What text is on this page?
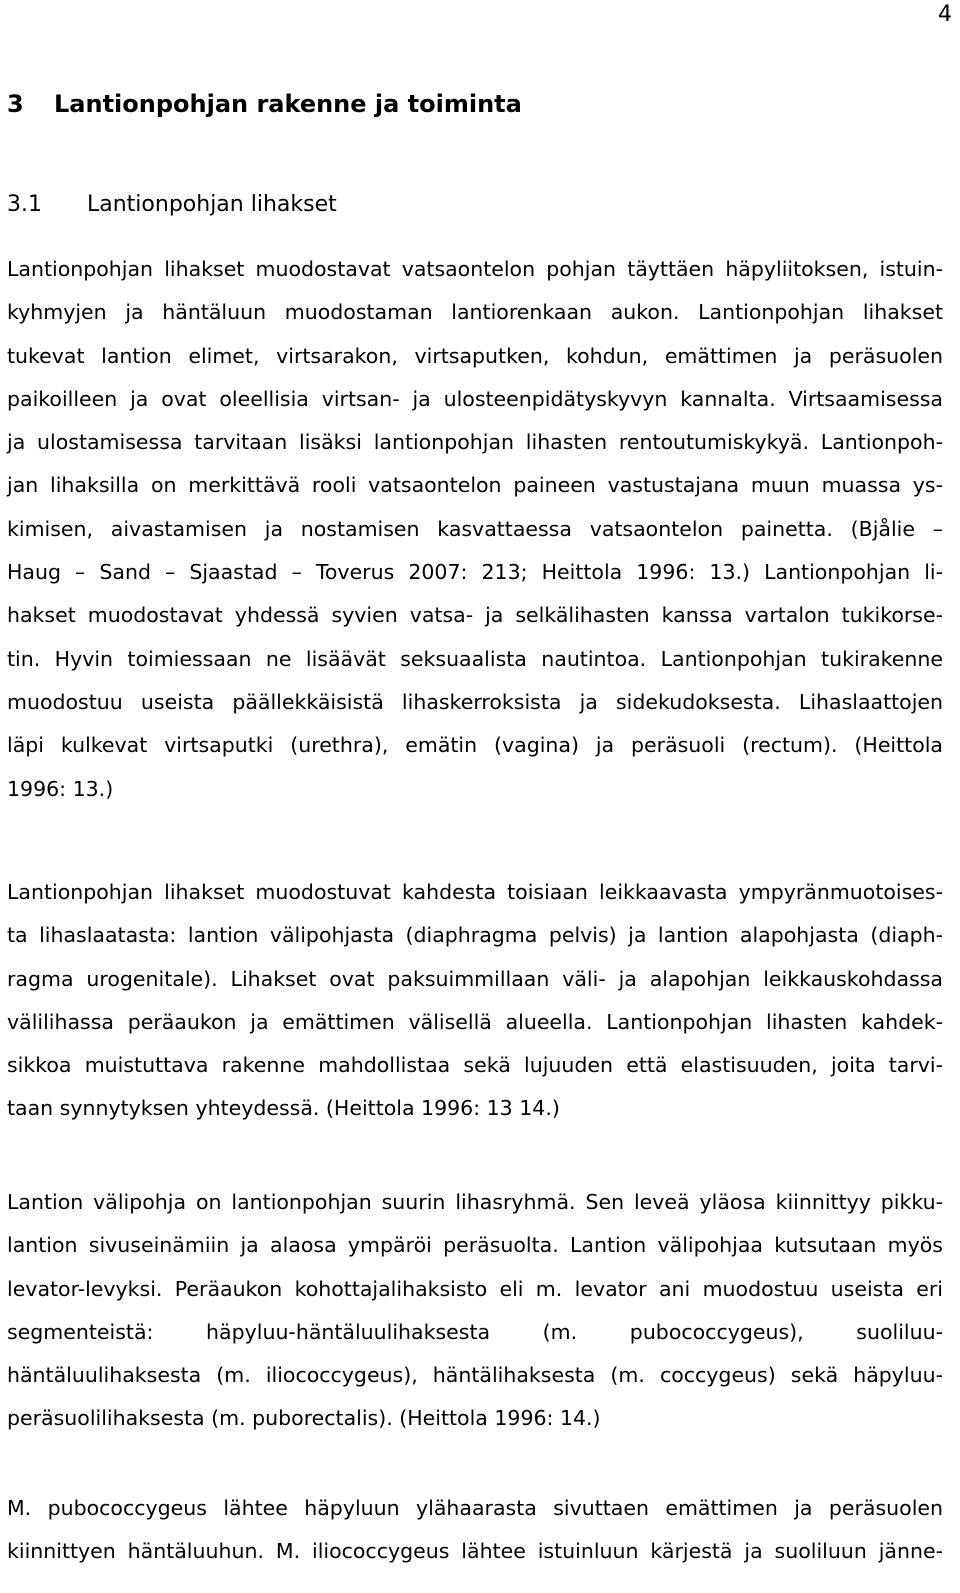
4
3 Lantionpohjan rakenne ja toiminta
3.1 Lantionpohjan lihakset

Lantionpohjan lihakset muodostavat vatsaontelon pohjan täyttäen häpyliitoksen, istuin-
kyhmyjen ja häntäluun muodostaman lantiorenkaan aukon. Lantionpohjan lihakset
tukevat lantion elimet, virtsarakon, virtsaputken, kohdun, emättimen ja peräsuolen
paikoilleen ja ovat oleellisia virtsan- ja ulosteenpidätyskyvyn kannalta. Virtsaamisessa
ja ulostamisessa tarvitaan lisäksi lantionpohjan lihasten rentoutumiskykyä. Lantionpoh-
jan lihaksilla on merkittävä rooli vatsaontelon paineen vastustajana muun muassa ys-
kimisen, aivastamisen ja nostamisen kasvattaessa vatsaontelon painetta. (Bjålie –
Haug – Sand – Sjaastad – Toverus 2007: 213; Heittola 1996: 13.) Lantionpohjan li-
hakset muodostavat yhdessä syvien vatsa- ja selkälihasten kanssa vartalon tukikorse-
tin. Hyvin toimiessaan ne lisäävät seksuaalista nautintoa. Lantionpohjan tukirakenne
muodostuu useista päällekkäisistä lihaskerroksista ja sidekudoksesta. Lihaslaattojen
läpi kulkevat virtsaputki (urethra), emätin (vagina) ja peräsuoli (rectum). (Heittola
1996: 13.)

Lantionpohjan lihakset muodostuvat kahdesta toisiaan leikkaavasta ympyränmuotoises-
ta lihaslaatasta: lantion välipohjasta (diaphragma pelvis) ja lantion alapohjasta (diaph-
ragma urogenitale). Lihakset ovat paksuimmillaan väli- ja alapohjan leikkauskohdassa
välilihassa peräaukon ja emättimen välisellä alueella. Lantionpohjan lihasten kahdek-
sikkoa muistuttava rakenne mahdollistaa sekä lujuuden että elastisuuden, joita tarvi-
taan synnytyksen yhteydessä. (Heittola 1996: 13 14.)

Lantion välipohja on lantionpohjan suurin lihasryhmä. Sen leveä yläosa kiinnittyy pikku-
lantion sivuseinämiin ja alaosa ympäröi peräsuolta. Lantion välipohjaa kutsutaan myös
levator-levyksi. Peräaukon kohottajalihaksisto eli m. levator ani muodostuu useista eri
segmenteistä: häpyluu-häntäluulihaksesta (m. pubococcygeus), suoliluu-
häntäluulihaksesta (m. iliococcygeus), häntälihaksesta (m. coccygeus) sekä häpyluu-
peräsuolilihaksesta (m. puborectalis). (Heittola 1996: 14.)

M. pubococcygeus lähtee häpyluun ylähaarasta sivuttaen emättimen ja peräsuolen
kiinnittyen häntäluuhun. M. iliococcygeus lähtee istuinluun kärjestä ja suoliluun jänne-
